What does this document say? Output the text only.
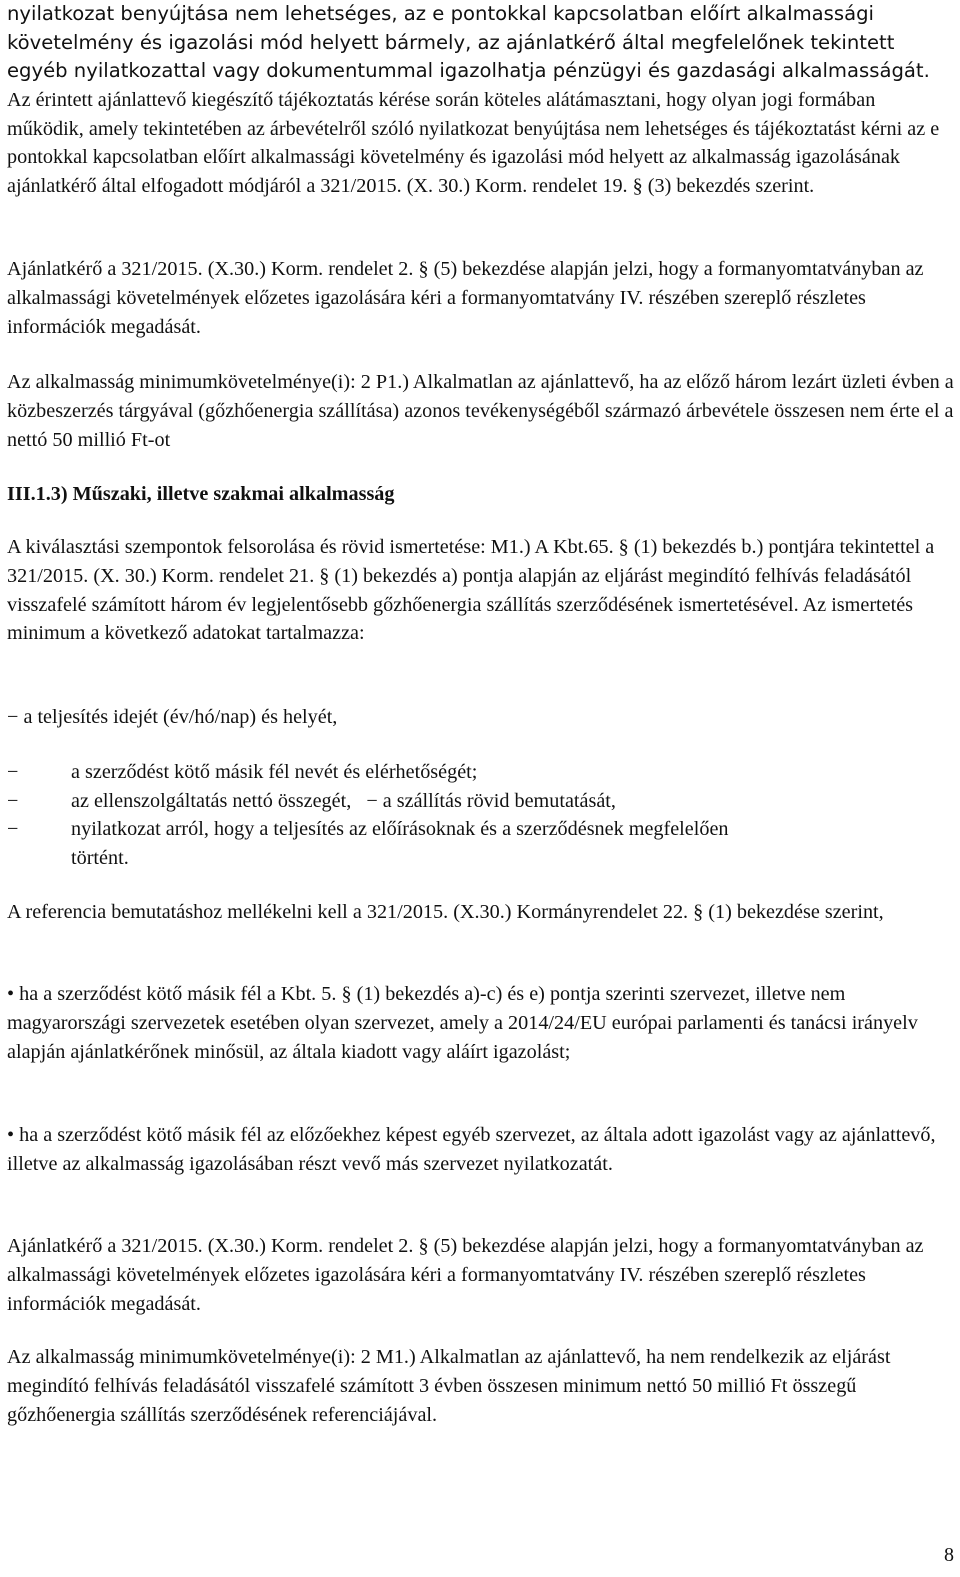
nyilatkozat benyújtása nem lehetséges, az e pontokkal kapcsolatban előírt alkalmassági követelmény és igazolási mód helyett bármely, az ajánlatkérő által megfelelőnek tekintett egyéb nyilatkozattal vagy dokumentummal igazolhatja pénzügyi és gazdasági alkalmasságát. Az érintett ajánlattevő kiegészítő tájékoztatás kérése során köteles alátámasztani, hogy olyan jogi formában működik, amely tekintetében az árbevételről szóló nyilatkozat benyújtása nem lehetséges és tájékoztatást kérni az e pontokkal kapcsolatban előírt alkalmassági követelmény és igazolási mód helyett az alkalmasság igazolásának ajánlatkérő által elfogadott módjáról a 321/2015. (X. 30.) Korm. rendelet 19. § (3) bekezdés szerint.

Ajánlatkérő a 321/2015. (X.30.) Korm. rendelet 2. § (5) bekezdése alapján jelzi, hogy a formanyomtatványban az alkalmassági követelmények előzetes igazolására kéri a formanyomtatvány IV. részében szereplő részletes információk megadását.

Az alkalmasság minimumkövetelménye(i): 2 P1.) Alkalmatlan az ajánlattevő, ha az előző három lezárt üzleti évben a közbeszerzés tárgyával (gőzhőenergia szállítása) azonos tevékenységéből származó árbevétele összesen nem érte el a nettó 50 millió Ft-ot

III.1.3) Műszaki, illetve szakmai alkalmasság

A kiválasztási szempontok felsorolása és rövid ismertetése: M1.) A Kbt.65. § (1) bekezdés b.) pontjára tekintettel a 321/2015. (X. 30.) Korm. rendelet 21. § (1) bekezdés a) pontja alapján az eljárást megindító felhívás feladásától visszafelé számított három év legjelentősebb gőzhőenergia szállítás szerződésének ismertetésével. Az ismertetés minimum a következő adatokat tartalmazza:

− a teljesítés idejét (év/hó/nap) és helyét,
−	a szerződést kötő másik fél nevét és elérhetőségét;
−	az ellenszolgáltatás nettó összegét, − a szállítás rövid bemutatását,
−	nyilatkozat arról, hogy a teljesítés az előírásoknak és a szerződésnek megfelelően
történt.

A referencia bemutatáshoz mellékelni kell a 321/2015. (X.30.) Kormányrendelet 22. § (1) bekezdése szerint,

• ha a szerződést kötő másik fél a Kbt. 5. § (1) bekezdés a)-c) és e) pontja szerinti szervezet, illetve nem magyarországi szervezetek esetében olyan szervezet, amely a 2014/24/EU európai parlamenti és tanácsi irányelv alapján ajánlatkérőnek minősül, az általa kiadott vagy aláírt igazolást;

• ha a szerződést kötő másik fél az előzőekhez képest egyéb szervezet, az általa adott igazolást vagy az ajánlattevő, illetve az alkalmasság igazolásában részt vevő más szervezet nyilatkozatát.

Ajánlatkérő a 321/2015. (X.30.) Korm. rendelet 2. § (5) bekezdése alapján jelzi, hogy a formanyomtatványban az alkalmassági követelmények előzetes igazolására kéri a formanyomtatvány IV. részében szereplő részletes információk megadását.

Az alkalmasság minimumkövetelménye(i): 2 M1.) Alkalmatlan az ajánlattevő, ha nem rendelkezik az eljárást megindító felhívás feladásától visszafelé számított 3 évben összesen minimum nettó 50 millió Ft összegű gőzhőenergia szállítás szerződésének referenciájával.

8
